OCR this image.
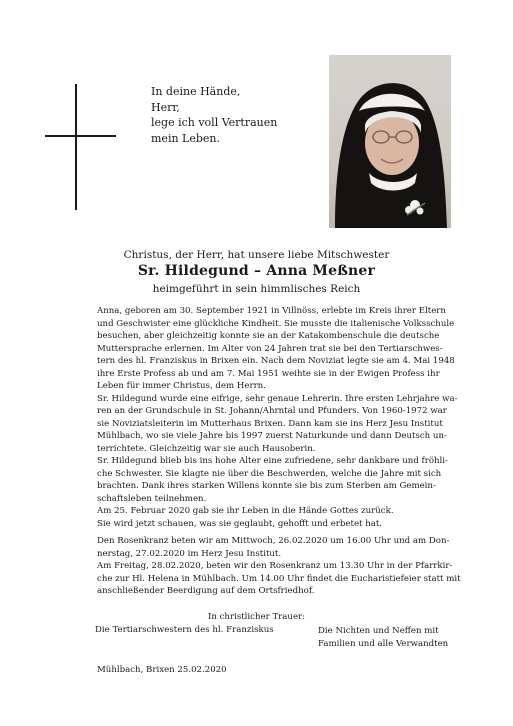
In deine Hände,
Herr,
lege ich voll Vertrauen
mein Leben.
Christus, der Herr, hat unsere liebe Mitschwester
Sr. Hildegund – Anna Meßner
heimgeführt in sein himmlisches Reich
Anna, geboren am 30. September 1921 in Villnöss, erlebte im Kreis ihrer Eltern
und Geschwister eine glückliche Kindheit. Sie musste die italienische Volksschule
besuchen, aber gleichzeitig konnte sie an der Katakombenschule die deutsche
Muttersprache erlernen. Im Alter von 24 Jahren trat sie bei den Tertiarschwes-
tern des hl. Franziskus in Brixen ein. Nach dem Noviziat legte sie am 4. Mai 1948
ihre Erste Profess ab und am 7. Mai 1951 weihte sie in der Ewigen Profess ihr
Leben für immer Christus, dem Herrn.
Sr. Hildegund wurde eine eifrige, sehr genaue Lehrerin. Ihre ersten Lehrjahre wa-
ren an der Grundschule in St. Johann/Ahrntal und Pfunders. Von 1960-1972 war
sie Noviziatsleiterin im Mutterhaus Brixen. Dann kam sie ins Herz Jesu Institut
Mühlbach, wo sie viele Jahre bis 1997 zuerst Naturkunde und dann Deutsch un-
terrichtete. Gleichzeitig war sie auch Hausoberin.
Sr. Hildegund blieb bis ins hohe Alter eine zufriedene, sehr dankbare und fröhli-
che Schwester. Sie klagte nie über die Beschwerden, welche die Jahre mit sich
brachten. Dank ihres starken Willens konnte sie bis zum Sterben am Gemein-
schaftsleben teilnehmen.
Am 25. Februar 2020 gab sie ihr Leben in die Hände Gottes zurück.
Sie wird jetzt schauen, was sie geglaubt, gehofft und erbetet hat.
Den Rosenkranz beten wir am Mittwoch, 26.02.2020 um 16.00 Uhr und am Don-
nerstag, 27.02.2020 im Herz Jesu Institut.
Am Freitag, 28.02.2020, beten wir den Rosenkranz um 13.30 Uhr in der Pfarrkir-
che zur Hl. Helena in Mühlbach. Um 14.00 Uhr findet die Eucharistiefeier statt mit
anschließender Beerdigung auf dem Ortsfriedhof.
In christlicher Trauer:
Die Tertiarschwestern des hl. Franziskus	Die Nichten und Neffen mit
Familien und alle Verwandten
Mühlbach, Brixen 25.02.2020
